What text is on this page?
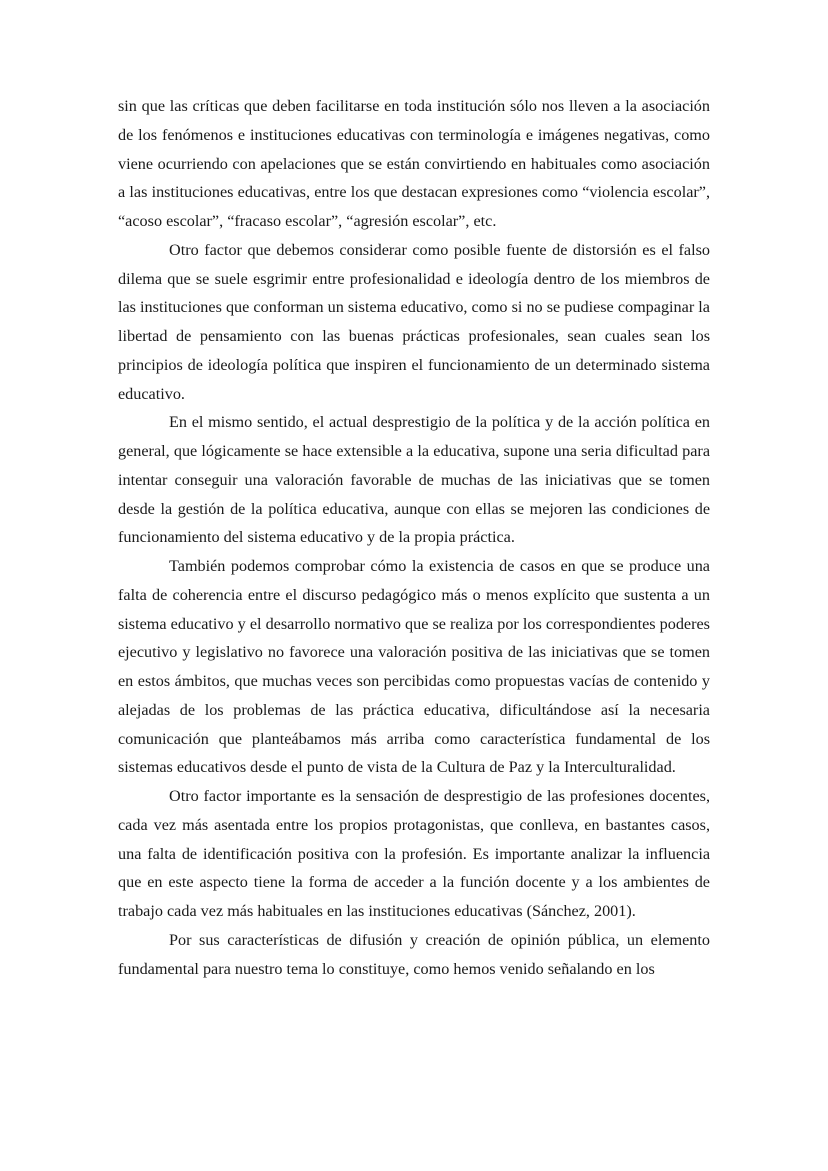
sin que las críticas que deben facilitarse en toda institución sólo nos lleven a la asociación de los fenómenos e instituciones educativas con terminología e imágenes negativas, como viene ocurriendo con apelaciones que se están convirtiendo en habituales como asociación a las instituciones educativas, entre los que destacan expresiones como “violencia escolar”, “acoso escolar”, “fracaso escolar”, “agresión escolar”, etc.

Otro factor que debemos considerar como posible fuente de distorsión es el falso dilema que se suele esgrimir entre profesionalidad e ideología dentro de los miembros de las instituciones que conforman un sistema educativo, como si no se pudiese compaginar la libertad de pensamiento con las buenas prácticas profesionales, sean cuales sean los principios de ideología política que inspiren el funcionamiento de un determinado sistema educativo.

En el mismo sentido, el actual desprestigio de la política y de la acción política en general, que lógicamente se hace extensible a la educativa, supone una seria dificultad para intentar conseguir una valoración favorable de muchas de las iniciativas que se tomen desde la gestión de la política educativa, aunque con ellas se mejoren las condiciones de funcionamiento del sistema educativo y de la propia práctica.

También podemos comprobar cómo la existencia de casos en que se produce una falta de coherencia entre el discurso pedagógico más o menos explícito que sustenta a un sistema educativo y el desarrollo normativo que se realiza por los correspondientes poderes ejecutivo y legislativo no favorece una valoración positiva de las iniciativas que se tomen en estos ámbitos, que muchas veces son percibidas como propuestas vacías de contenido y alejadas de los problemas de las práctica educativa, dificultándose así la necesaria comunicación que planteábamos más arriba como característica fundamental de los sistemas educativos desde el punto de vista de la Cultura de Paz y la Interculturalidad.

Otro factor importante es la sensación de desprestigio de las profesiones docentes, cada vez más asentada entre los propios protagonistas, que conlleva, en bastantes casos, una falta de identificación positiva con la profesión. Es importante analizar la influencia que en este aspecto tiene la forma de acceder a la función docente y a los ambientes de trabajo cada vez más habituales en las instituciones educativas (Sánchez, 2001).

Por sus características de difusión y creación de opinión pública, un elemento fundamental para nuestro tema lo constituye, como hemos venido señalando en los
